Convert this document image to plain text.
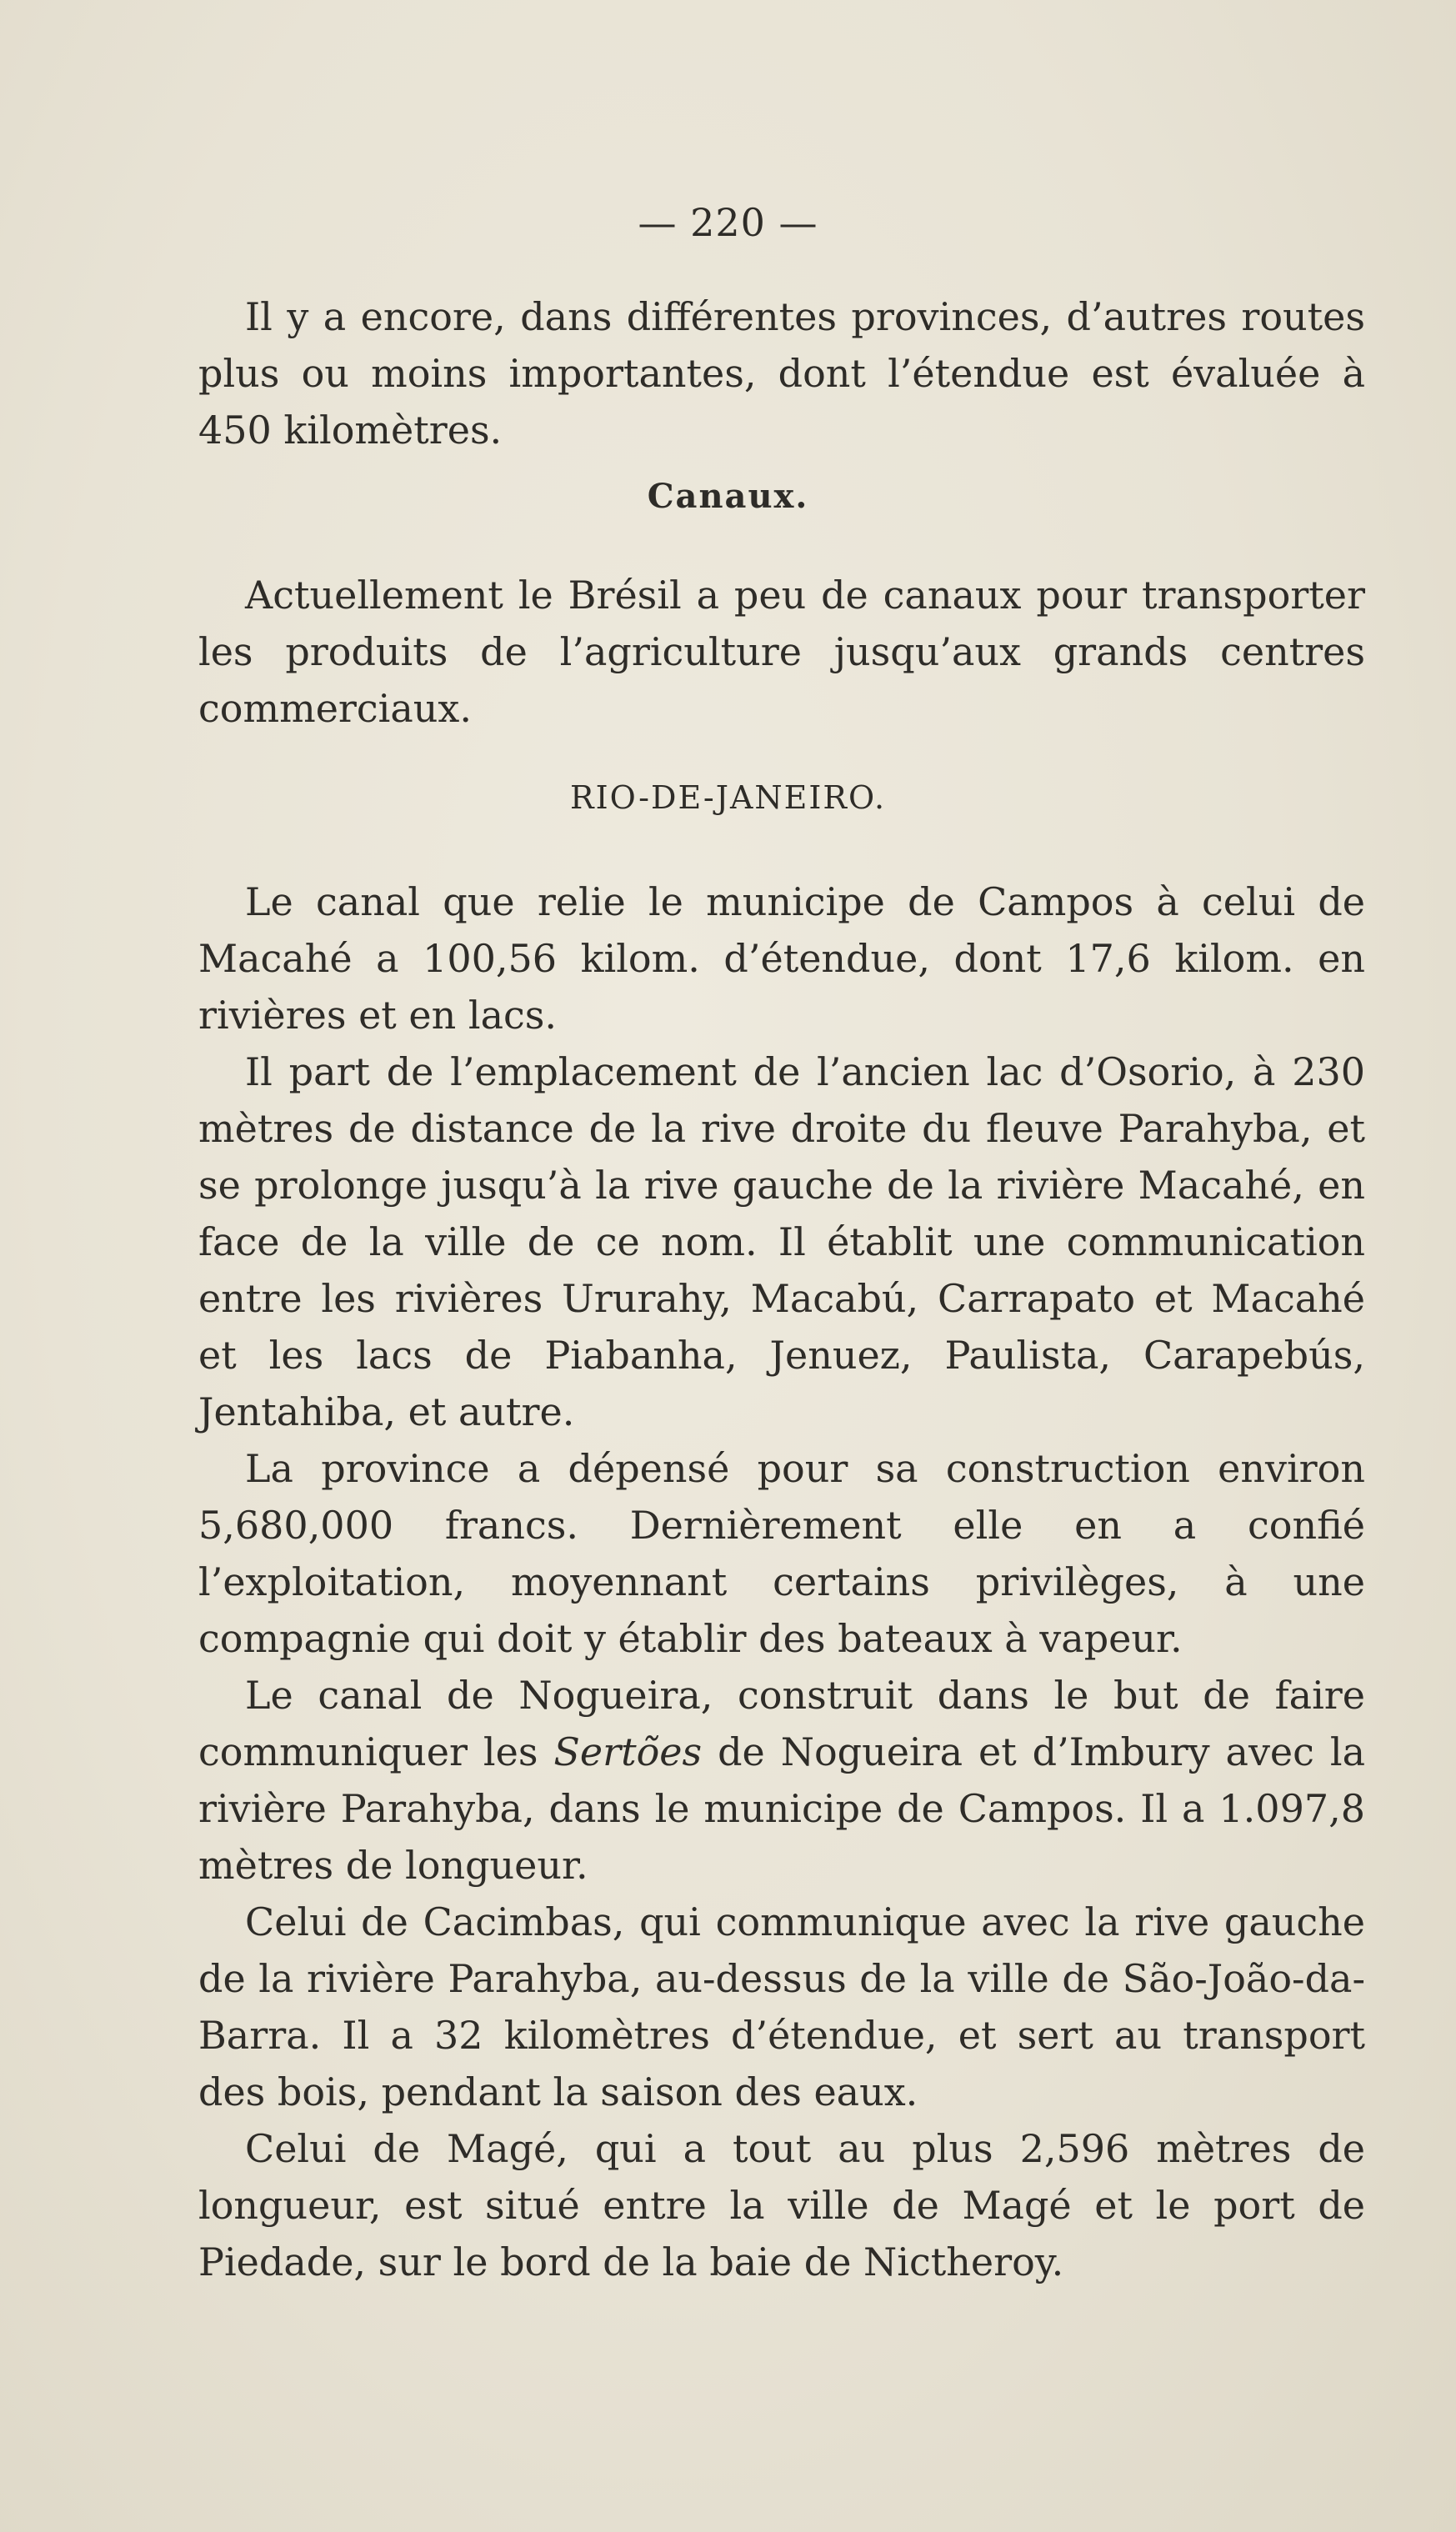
— 220 —

Il y a encore, dans différentes provinces, d’autres routes plus ou moins importantes, dont l’étendue est évaluée à 450 kilomètres.

Canaux.

Actuellement le Brésil a peu de canaux pour transporter les produits de l’agriculture jusqu’aux grands centres commerciaux.

RIO-DE-JANEIRO.

Le canal que relie le municipe de Campos à celui de Macahé a 100,56 kilom. d’étendue, dont 17,6 kilom. en rivières et en lacs.

Il part de l’emplacement de l’ancien lac d’Osorio, à 230 mètres de distance de la rive droite du fleuve Parahyba, et se prolonge jusqu’à la rive gauche de la rivière Macahé, en face de la ville de ce nom. Il établit une communication entre les rivières Ururahy, Macabú, Carrapato et Macahé et les lacs de Piabanha, Jenuez, Paulista, Carapebús, Jentahiba, et autre.

La province a dépensé pour sa construction environ 5,680,000 francs. Dernièrement elle en a confié l’exploitation, moyennant certains privilèges, à une compagnie qui doit y établir des bateaux à vapeur.

Le canal de Nogueira, construit dans le but de faire communiquer les Sertões de Nogueira et d’Imbury avec la rivière Parahyba, dans le municipe de Campos. Il a 1.097,8 mètres de longueur.

Celui de Cacimbas, qui communique avec la rive gauche de la rivière Parahyba, au-dessus de la ville de São-João-da-Barra. Il a 32 kilomètres d’étendue, et sert au transport des bois, pendant la saison des eaux.

Celui de Magé, qui a tout au plus 2,596 mètres de longueur, est situé entre la ville de Magé et le port de Piedade, sur le bord de la baie de Nictheroy.
